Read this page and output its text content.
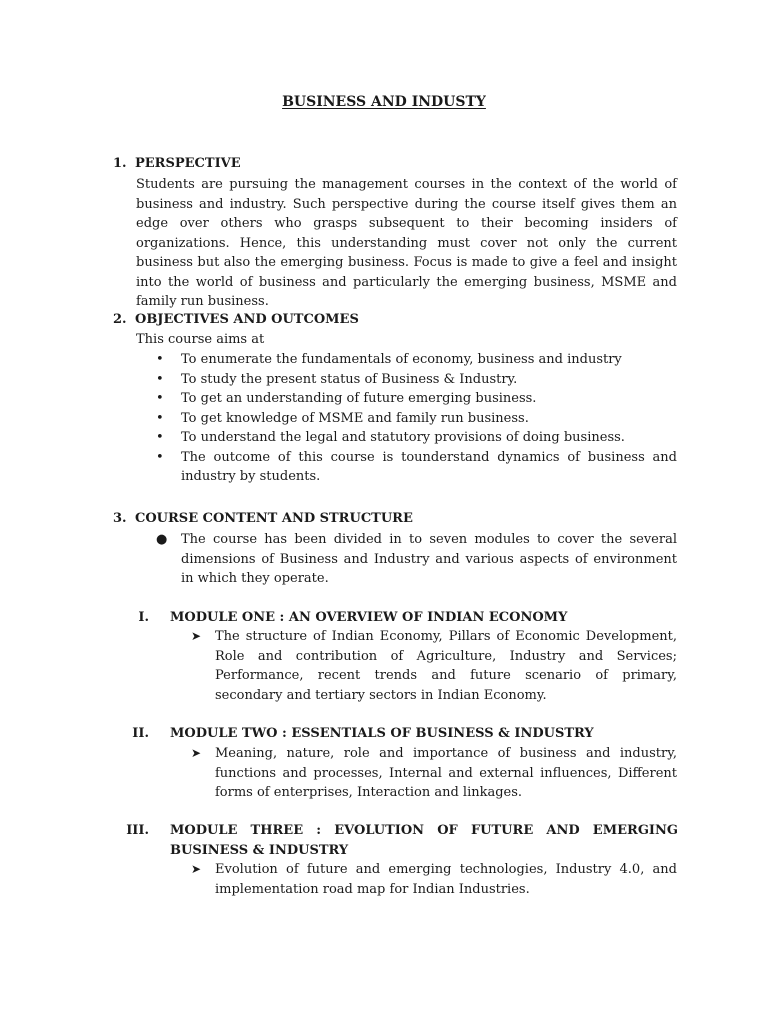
BUSINESS AND INDUSTY
1. PERSPECTIVE
Students are pursuing the management courses in the context of the world of business and industry. Such perspective during the course itself gives them an edge over others who grasps subsequent to their becoming insiders of organizations. Hence, this understanding must cover not only the current business but also the emerging business. Focus is made to give a feel and insight into the world of business and particularly the emerging business, MSME and family run business.
2. OBJECTIVES AND OUTCOMES
This course aims at
• To enumerate the fundamentals of economy, business and industry
• To study the present status of Business & Industry.
• To get an understanding of future emerging business.
• To get knowledge of MSME and family run business.
• To understand the legal and statutory provisions of doing business.
• The outcome of this course is tounderstand dynamics of business and industry by students.
3. COURSE CONTENT AND STRUCTURE
● The course has been divided in to seven modules to cover the several dimensions of Business and Industry and various aspects of environment in which they operate.
I. MODULE ONE : AN OVERVIEW OF INDIAN ECONOMY
➤ The structure of Indian Economy, Pillars of Economic Development, Role and contribution of Agriculture, Industry and Services; Performance, recent trends and future scenario of primary, secondary and tertiary sectors in Indian Economy.
II. MODULE TWO : ESSENTIALS OF BUSINESS & INDUSTRY
➤ Meaning, nature, role and importance of business and industry, functions and processes, Internal and external influences, Different forms of enterprises, Interaction and linkages.
III. MODULE THREE : EVOLUTION OF FUTURE AND EMERGING BUSINESS & INDUSTRY
➤ Evolution of future and emerging technologies, Industry 4.0, and implementation road map for Indian Industries.
